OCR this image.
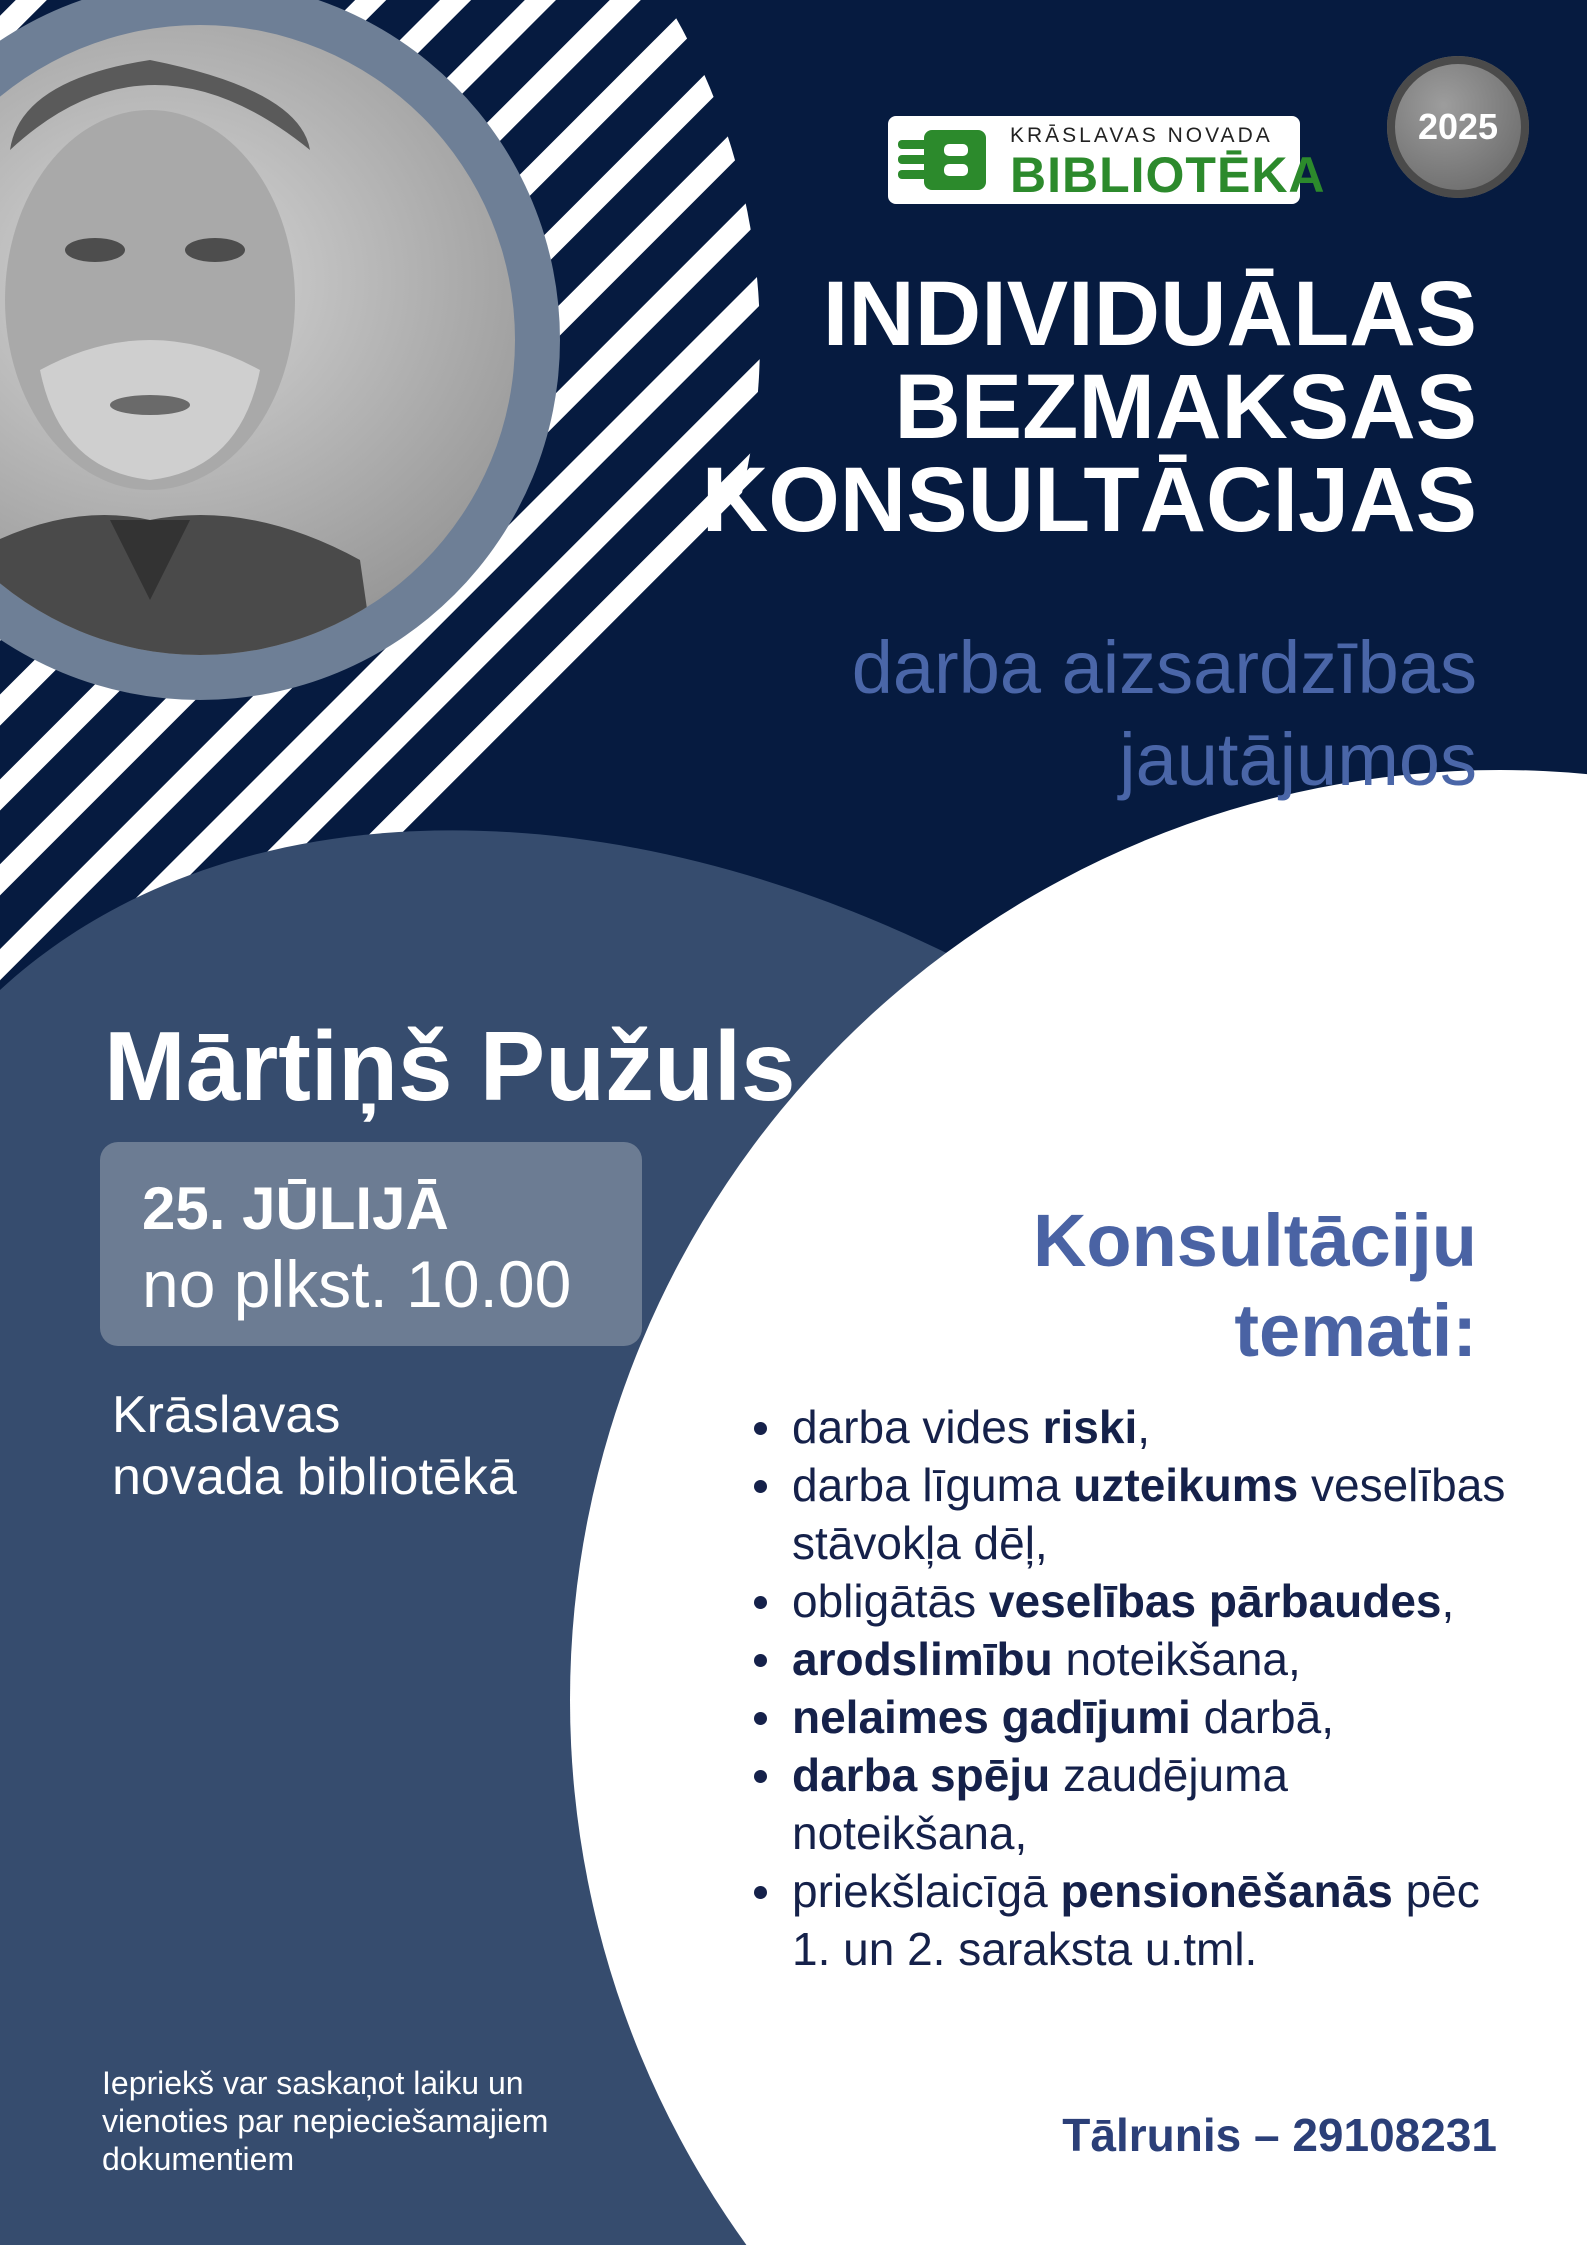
KRĀSLAVAS NOVADA
BIBLIOTĒKA
2025
INDIVIDUĀLAS
BEZMAKSAS
KONSULTĀCIJAS
darba aizsardzības
jautājumos
Mārtiņš Pužuls
25. JŪLIJĀ
no plkst. 10.00
Krāslavas
novada bibliotēkā
Konsultāciju
temati:
darba vides riski,
darba līguma uzteikums veselības stāvokļa dēļ,
obligātās veselības pārbaudes,
arodslimību noteikšana,
nelaimes gadījumi darbā,
darba spēju zaudējuma noteikšana,
priekšlaicīgā pensionēšanās pēc 1. un 2. saraksta u.tml.
Iepriekš var saskaņot laiku un
vienoties par nepieciešamajiem
dokumentiem	Tālrunis – 29108231
